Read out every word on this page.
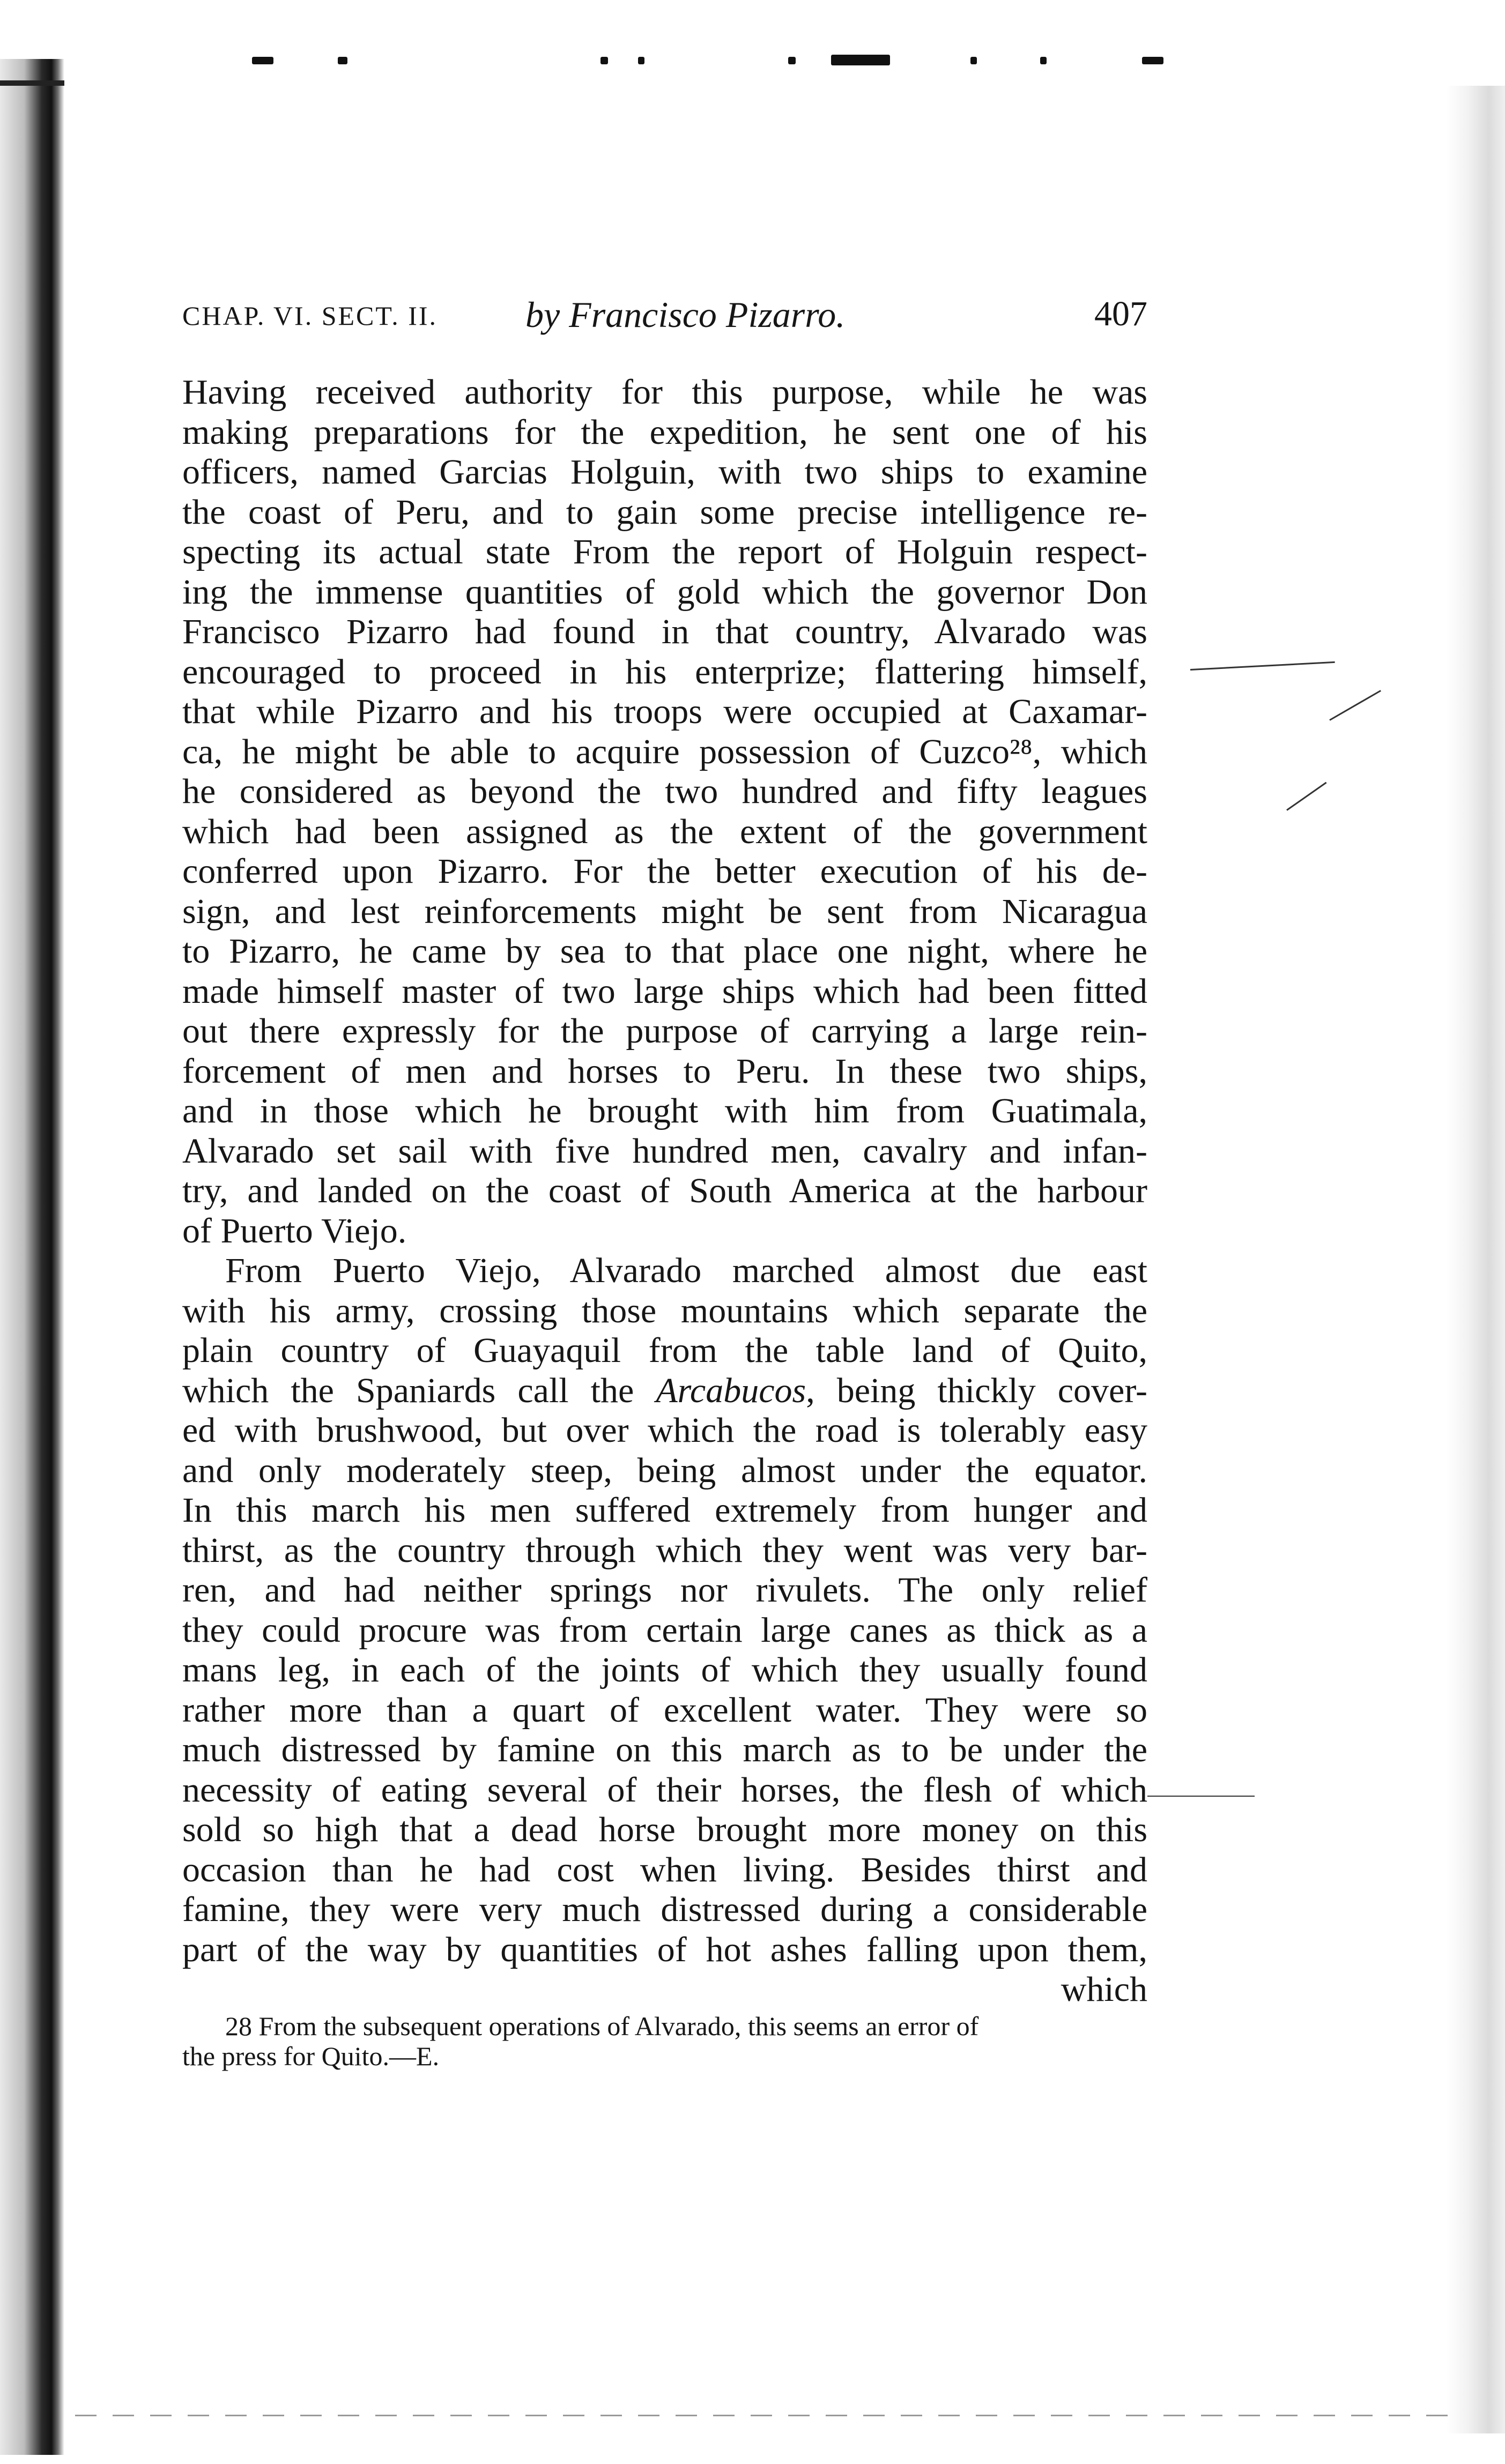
CHAP. VI. SECT. II. by Francisco Pizarro.	407
Having received authority for this purpose, while he was
making preparations for the expedition, he sent one of his
officers, named Garcias Holguin, with two ships to examine
the coast of Peru, and to gain some precise intelligence re-
specting its actual state From the report of Holguin respect-
ing the immense quantities of gold which the governor Don
Francisco Pizarro had found in that country, Alvarado was
encouraged to proceed in his enterprize; flattering himself,
that while Pizarro and his troops were occupied at Caxamar-
ca, he might be able to acquire possession of Cuzco²⁸, which
he considered as beyond the two hundred and fifty leagues
which had been assigned as the extent of the government
conferred upon Pizarro. For the better execution of his de-
sign, and lest reinforcements might be sent from Nicaragua
to Pizarro, he came by sea to that place one night, where he
made himself master of two large ships which had been fitted
out there expressly for the purpose of carrying a large rein-
forcement of men and horses to Peru. In these two ships,
and in those which he brought with him from Guatimala,
Alvarado set sail with five hundred men, cavalry and infan-
try, and landed on the coast of South America at the harbour
of Puerto Viejo.
From Puerto Viejo, Alvarado marched almost due east
with his army, crossing those mountains which separate the
plain country of Guayaquil from the table land of Quito,
which the Spaniards call the Arcabucos, being thickly cover-
ed with brushwood, but over which the road is tolerably easy
and only moderately steep, being almost under the equator.
In this march his men suffered extremely from hunger and
thirst, as the country through which they went was very bar-
ren, and had neither springs nor rivulets. The only relief
they could procure was from certain large canes as thick as a
mans leg, in each of the joints of which they usually found
rather more than a quart of excellent water. They were so
much distressed by famine on this march as to be under the
necessity of eating several of their horses, the flesh of which
sold so high that a dead horse brought more money on this
occasion than he had cost when living. Besides thirst and
famine, they were very much distressed during a considerable
part of the way by quantities of hot ashes falling upon them,
which
28 From the subsequent operations of Alvarado, this seems an error of
the press for Quito.—E.
